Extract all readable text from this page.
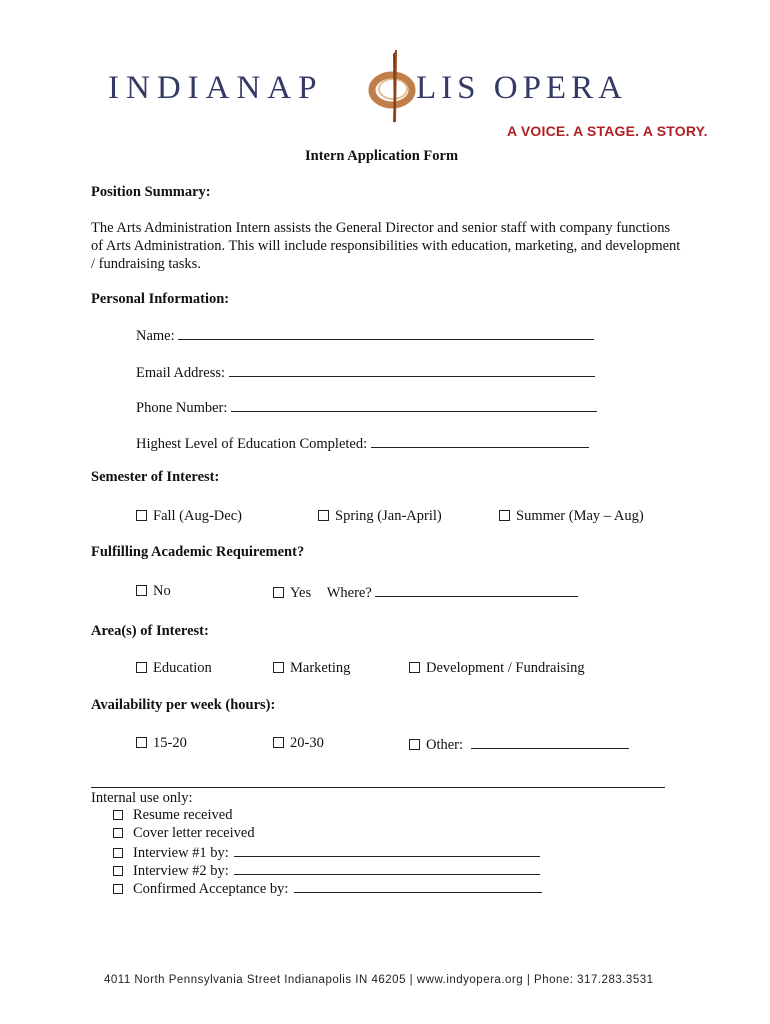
INDIANAP	LIS OPERA
A VOICE. A STAGE. A STORY.
Intern Application Form
Position Summary:
The Arts Administration Intern assists the General Director and senior staff with company functions of Arts Administration. This will include responsibilities with education, marketing, and development / fundraising tasks.
Personal Information:
Name:
Email Address:
Phone Number:
Highest Level of Education Completed:
Semester of Interest:
Fall (Aug-Dec)	Spring (Jan-April)	Summer (May – Aug)
Fulfilling Academic Requirement?
No	Yes Where?
Area(s) of Interest:
Education	Marketing	Development / Fundraising
Availability per week (hours):
15-20	20-30	Other:
Internal use only:
Resume received
Cover letter received
Interview #1 by:
Interview #2 by:
Confirmed Acceptance by:
4011 North Pennsylvania Street Indianapolis IN 46205 | www.indyopera.org | Phone: 317.283.3531
